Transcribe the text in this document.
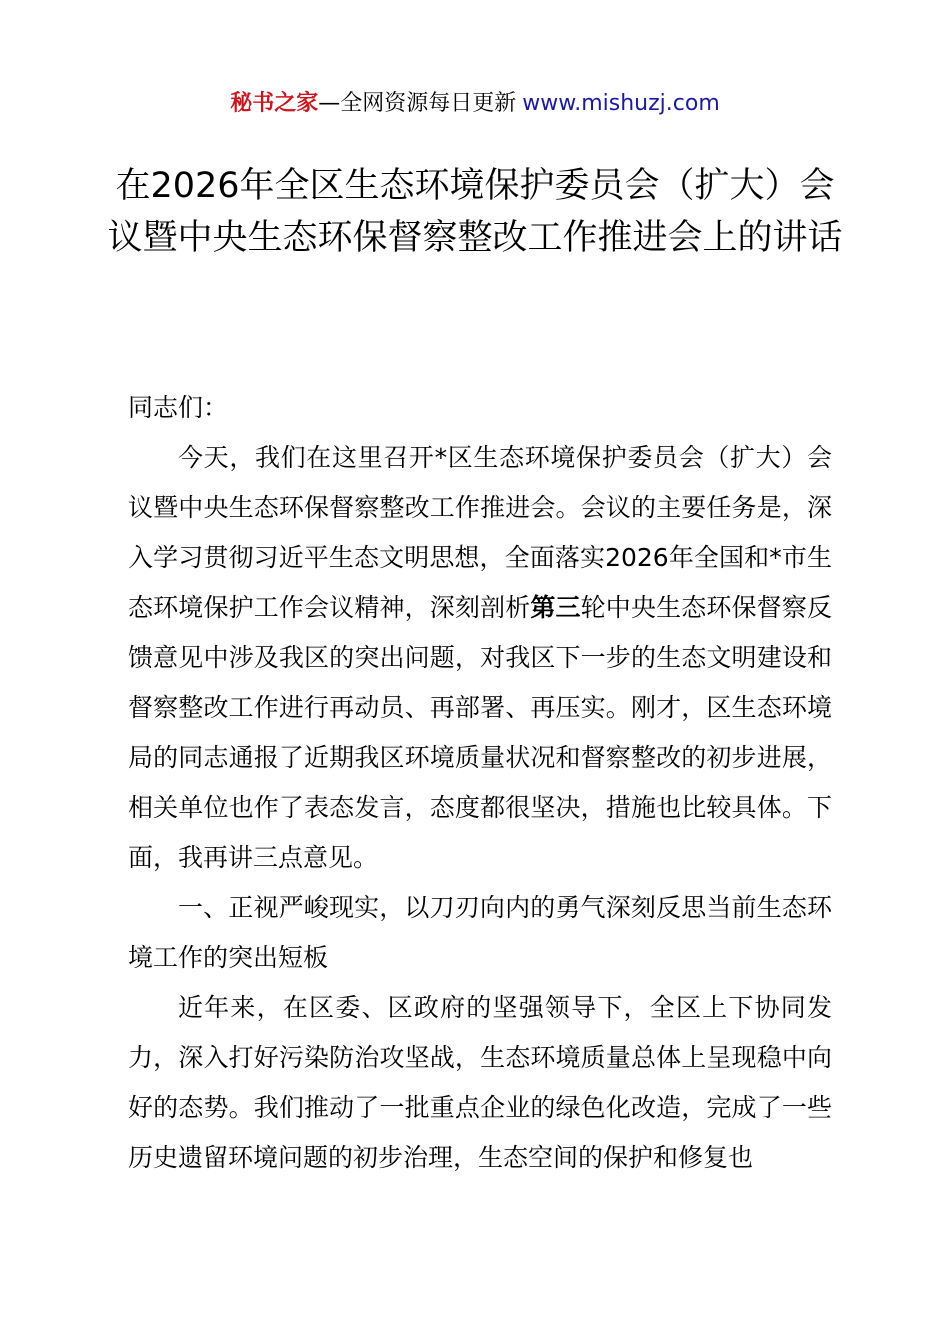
秘书之家—全网资源每日更新 www.mishuzj.com
在2026年全区生态环境保护委员会（扩大）会议暨中央生态环保督察整改工作推进会上的讲话

同志们：

今天，我们在这里召开*区生态环境保护委员会（扩大）会议暨中央生态环保督察整改工作推进会。会议的主要任务是，深入学习贯彻习近平生态文明思想，全面落实2026年全国和*市生态环境保护工作会议精神，深刻剖析第三轮中央生态环保督察反馈意见中涉及我区的突出问题，对我区下一步的生态文明建设和督察整改工作进行再动员、再部署、再压实。刚才，区生态环境局的同志通报了近期我区环境质量状况和督察整改的初步进展，相关单位也作了表态发言，态度都很坚决，措施也比较具体。下面，我再讲三点意见。

一、正视严峻现实，以刀刃向内的勇气深刻反思当前生态环境工作的突出短板

近年来，在区委、区政府的坚强领导下，全区上下协同发力，深入打好污染防治攻坚战，生态环境质量总体上呈现稳中向好的态势。我们推动了一批重点企业的绿色化改造，完成了一些历史遗留环境问题的初步治理，生态空间的保护和修复也
